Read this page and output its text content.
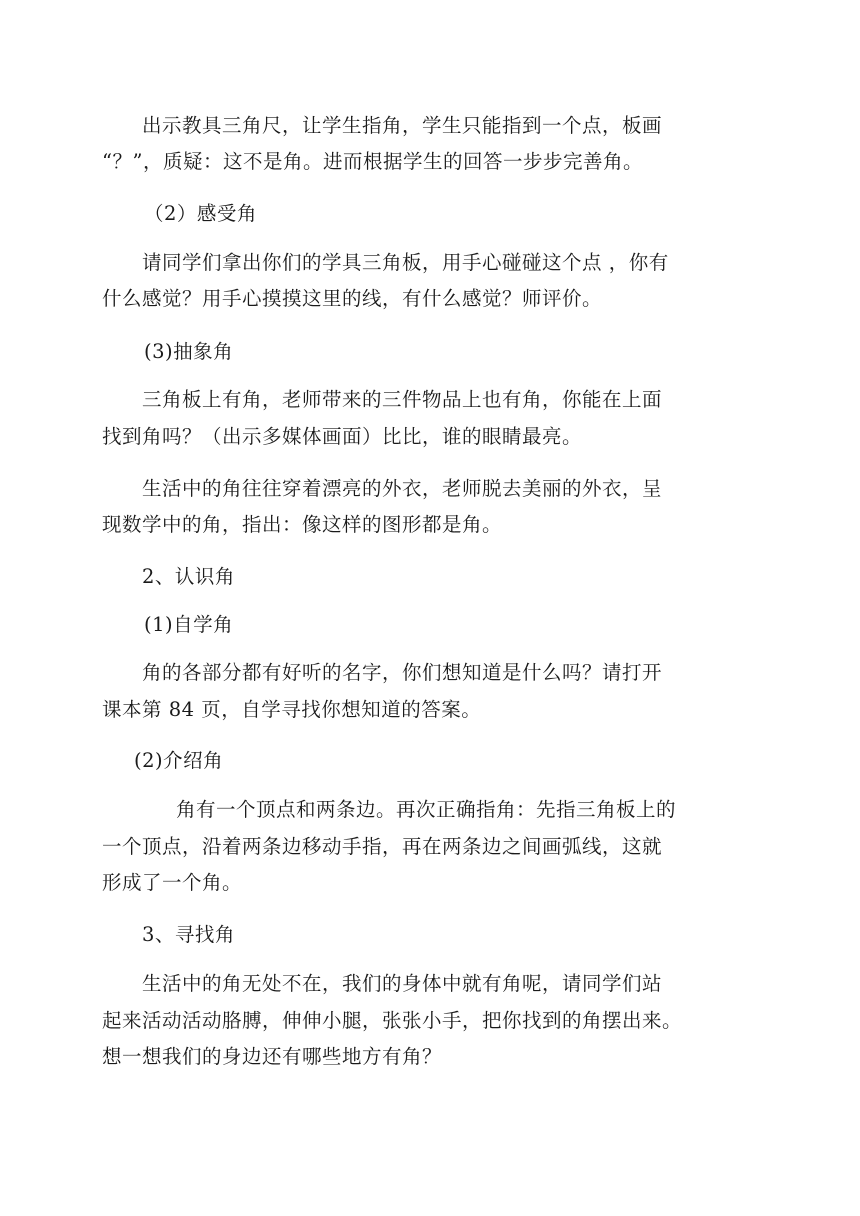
出示教具三角尺，让学生指角，学生只能指到一个点，板画
“？”，质疑：这不是角。进而根据学生的回答一步步完善角。
（2）感受角
请同学们拿出你们的学具三角板，用手心碰碰这个点 ，你有
什么感觉？用手心摸摸这里的线，有什么感觉？师评价。
(3)抽象角
三角板上有角，老师带来的三件物品上也有角，你能在上面
找到角吗？（出示多媒体画面）比比，谁的眼睛最亮。
生活中的角往往穿着漂亮的外衣，老师脱去美丽的外衣，呈
现数学中的角，指出：像这样的图形都是角。
2、认识角
(1)自学角
角的各部分都有好听的名字，你们想知道是什么吗？请打开
课本第 84 页，自学寻找你想知道的答案。
(2)介绍角
角有一个顶点和两条边。再次正确指角：先指三角板上的
一个顶点，沿着两条边移动手指，再在两条边之间画弧线，这就
形成了一个角。
3、寻找角
生活中的角无处不在，我们的身体中就有角呢，请同学们站
起来活动活动胳膊，伸伸小腿，张张小手，把你找到的角摆出来。
想一想我们的身边还有哪些地方有角？
